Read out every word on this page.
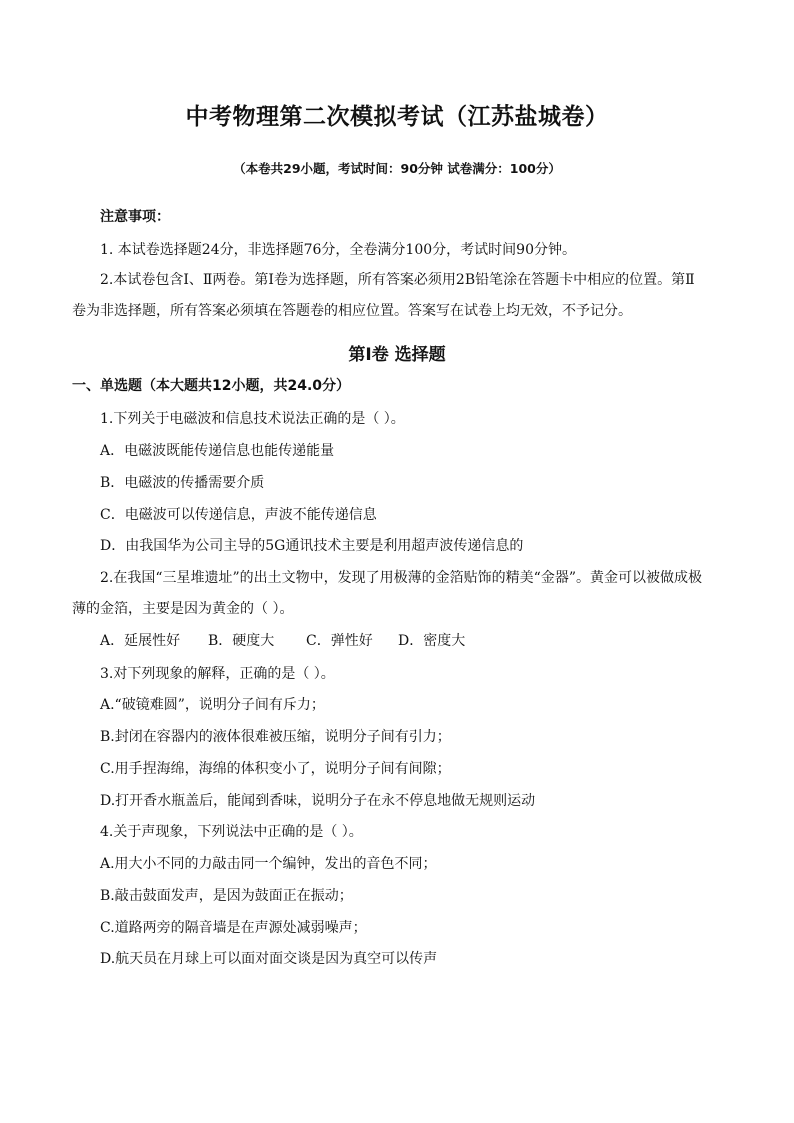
中考物理第二次模拟考试（江苏盐城卷）
（本卷共29小题，考试时间：90分钟 试卷满分：100分）
注意事项：
1. 本试卷选择题24分，非选择题76分，全卷满分100分，考试时间90分钟。
2.本试卷包含Ⅰ、Ⅱ两卷。第Ⅰ卷为选择题，所有答案必须用2B铅笔涂在答题卡中相应的位置。第Ⅱ
卷为非选择题，所有答案必须填在答题卷的相应位置。答案写在试卷上均无效，不予记分。
第Ⅰ卷 选择题
一、单选题（本大题共12小题，共24.0分）
1.下列关于电磁波和信息技术说法正确的是（ ）。
A．电磁波既能传递信息也能传递能量
B．电磁波的传播需要介质
C．电磁波可以传递信息，声波不能传递信息
D．由我国华为公司主导的5G通讯技术主要是利用超声波传递信息的
2.在我国“三星堆遗址”的出土文物中，发现了用极薄的金箔贴饰的精美“金器”。黄金可以被做成极
薄的金箔，主要是因为黄金的（ ）。
A．延展性好 B．硬度大 C．弹性好 D．密度大
3.对下列现象的解释，正确的是（ ）。
A.“破镜难圆”，说明分子间有斥力；
B.封闭在容器内的液体很难被压缩，说明分子间有引力；
C.用手捏海绵，海绵的体积变小了，说明分子间有间隙；
D.打开香水瓶盖后，能闻到香味，说明分子在永不停息地做无规则运动
4.关于声现象，下列说法中正确的是（ ）。
A.用大小不同的力敲击同一个编钟，发出的音色不同；
B.敲击鼓面发声，是因为鼓面正在振动；
C.道路两旁的隔音墙是在声源处减弱噪声；
D.航天员在月球上可以面对面交谈是因为真空可以传声
